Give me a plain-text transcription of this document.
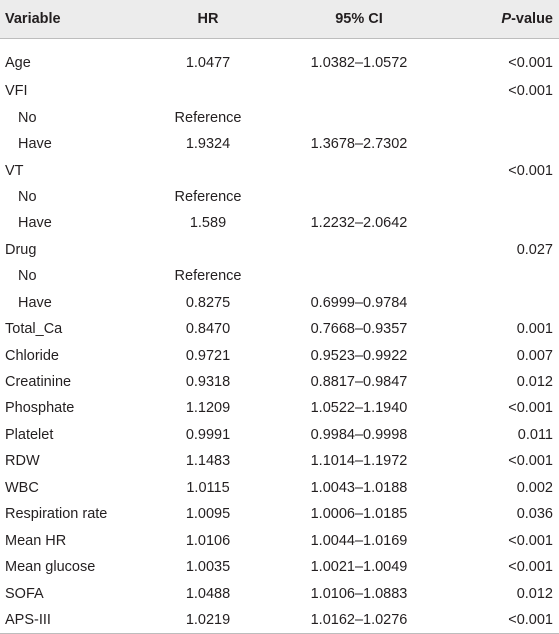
Variable	HR	95% CI	P-value
Age	1.0477	1.0382–1.0572	<0.001
VFI			<0.001
No	Reference		
Have	1.9324	1.3678–2.7302	
VT			<0.001
No	Reference		
Have	1.589	1.2232–2.0642	
Drug			0.027
No	Reference		
Have	0.8275	0.6999–0.9784	
Total_Ca	0.8470	0.7668–0.9357	0.001
Chloride	0.9721	0.9523–0.9922	0.007
Creatinine	0.9318	0.8817–0.9847	0.012
Phosphate	1.1209	1.0522–1.1940	<0.001
Platelet	0.9991	0.9984–0.9998	0.011
RDW	1.1483	1.1014–1.1972	<0.001
WBC	1.0115	1.0043–1.0188	0.002
Respiration rate	1.0095	1.0006–1.0185	0.036
Mean HR	1.0106	1.0044–1.0169	<0.001
Mean glucose	1.0035	1.0021–1.0049	<0.001
SOFA	1.0488	1.0106–1.0883	0.012
APS-III	1.0219	1.0162–1.0276	<0.001
